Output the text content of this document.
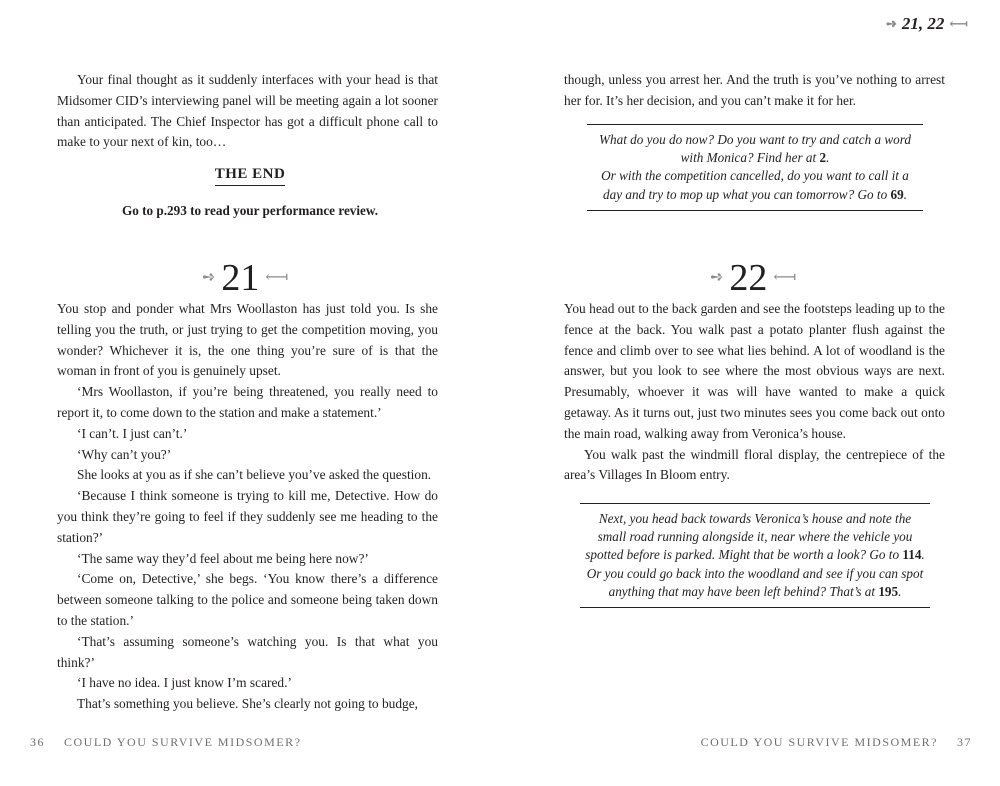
Your final thought as it suddenly interfaces with your head is that Midsomer CID’s interviewing panel will be meeting again a lot sooner than anticipated. The Chief Inspector has got a difficult phone call to make to your next of kin, too…

THE END
Go to p.293 to read your performance review.
➺ 21 ⟻

You stop and ponder what Mrs Woollaston has just told you. Is she telling you the truth, or just trying to get the competition moving, you wonder? Whichever it is, the one thing you’re sure of is that the woman in front of you is genuinely upset.

‘Mrs Woollaston, if you’re being threatened, you really need to report it, to come down to the station and make a statement.’

‘I can’t. I just can’t.’

‘Why can’t you?’

She looks at you as if she can’t believe you’ve asked the question.

‘Because I think someone is trying to kill me, Detective. How do you think they’re going to feel if they suddenly see me heading to the station?’

‘The same way they’d feel about me being here now?’

‘Come on, Detective,’ she begs. ‘You know there’s a difference between someone talking to the police and someone being taken down to the station.’

‘That’s assuming someone’s watching you. Is that what you think?’

‘I have no idea. I just know I’m scared.’

That’s something you believe. She’s clearly not going to budge,

36 COULD YOU SURVIVE MIDSOMER?
➺ 21, 22 ⟻

though, unless you arrest her. And the truth is you’ve nothing to arrest her for. It’s her decision, and you can’t make it for her.

What do you do now? Do you want to try and catch a word with Monica? Find her at 2.
Or with the competition cancelled, do you want to call it a day and try to mop up what you can tomorrow? Go to 69.
➺ 22 ⟻

You head out to the back garden and see the footsteps leading up to the fence at the back. You walk past a potato planter flush against the fence and climb over to see what lies behind. A lot of woodland is the answer, but you look to see where the most obvious ways are next. Presumably, whoever it was will have wanted to make a quick getaway. As it turns out, just two minutes sees you come back out onto the main road, walking away from Veronica’s house.

You walk past the windmill floral display, the centrepiece of the area’s Villages In Bloom entry.

Next, you head back towards Veronica’s house and note the small road running alongside it, near where the vehicle you spotted before is parked. Might that be worth a look? Go to 114.
Or you could go back into the woodland and see if you can spot anything that may have been left behind? That’s at 195.
COULD YOU SURVIVE MIDSOMER? 37
